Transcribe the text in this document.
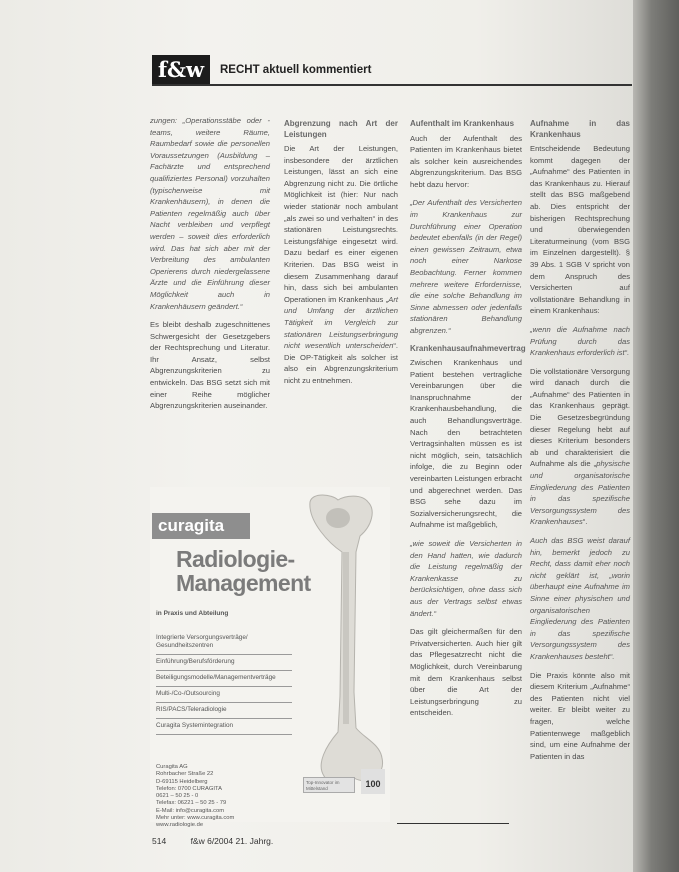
f&w	RECHT aktuell kommentiert

zungen: „Operationsstäbe oder -teams, weitere Räume, Raumbedarf sowie die personellen Voraussetzungen (Ausbildung – Fachärzte und entsprechend qualifiziertes Personal) vorzuhalten (typischerweise mit Krankenhäusern), in denen die Patienten regelmäßig auch über Nacht verbleiben und verpflegt werden – soweit dies erforderlich wird. Das hat sich aber mit der Verbreitung des ambulanten Operierens durch niedergelassene Ärzte und die Einführung dieser Möglichkeit auch in Krankenhäusern geändert.“

Es bleibt deshalb zugeschnittenes Schwergesicht der Gesetzgebers der Rechtsprechung und Literatur. Ihr Ansatz, selbst Abgrenzungskriterien zu entwickeln. Das BSG setzt sich mit einer Reihe möglicher Abgrenzungskriterien auseinander.

Abgrenzung nach Art der Leistungen

Die Art der Leistungen, insbesondere der ärztlichen Leistungen, lässt an sich eine Abgrenzung nicht zu. Die örtliche Möglichkeit ist (hier: Nur nach wieder stationär noch ambulant „als zwei so und verhalten“ in des stationären Leistungsrechts. Leistungsfähige eingesetzt wird. Dazu bedarf es einer eigenen Kriterien. Das BSG weist in diesem Zusammenhang darauf hin, dass sich bei ambulanten Operationen im Krankenhaus „Art und Umfang der ärztlichen Tätigkeit im Vergleich zur stationären Leistungserbringung nicht wesentlich unterscheiden“. Die OP-Tätigkeit als solcher ist also ein Abgrenzungskriterium nicht zu entnehmen.

Aufenthalt im Krankenhaus

Auch der Aufenthalt des Patienten im Krankenhaus bietet als solcher kein ausreichendes Abgrenzungskriterium. Das BSG hebt dazu hervor:

„Der Aufenthalt des Versicherten im Krankenhaus zur Durchführung einer Operation bedeutet ebenfalls (in der Regel) einen gewissen Zeitraum, etwa noch einer Narkose Beobachtung. Ferner kommen mehrere weitere Erfordernisse, die eine solche Behandlung im Sinne abmessen oder jedenfalls stationären Behandlung abgrenzen.“

Krankenhausaufnahmevertrag

Zwischen Krankenhaus und Patient bestehen vertragliche Vereinbarungen über die Inanspruchnahme der Krankenhausbehandlung, die auch Behandlungsverträge. Nach den betrachteten Vertragsinhalten müssen es ist nicht möglich, sein, tatsächlich infolge, die zu Beginn oder vereinbarten Leistungen erbracht und abgerechnet werden. Das BSG sehe dazu im Sozialversicherungsrecht, die Aufnahme ist maßgeblich,

„wie soweit die Versicherten in den Hand hatten, wie dadurch die Leistung regelmäßig der Krankenkasse zu berücksichtigen, ohne dass sich aus der Vertrags selbst etwas ändert.“

Das gilt gleichermaßen für den Privatversicherten. Auch hier gilt das Pflegesatzrecht nicht die Möglichkeit, durch Vereinbarung mit dem Krankenhaus selbst über die Art der Leistungserbringung zu entscheiden.

Aufnahme in das Krankenhaus

Entscheidende Bedeutung kommt dagegen der „Aufnahme“ des Patienten in das Krankenhaus zu. Hierauf stellt das BSG maßgebend ab. Dies entspricht der bisherigen Rechtsprechung und überwiegenden Literaturmeinung (vom BSG im Einzelnen dargestellt). § 39 Abs. 1 SGB V spricht von dem Anspruch des Versicherten auf vollstationäre Behandlung in einem Krankenhaus:

„wenn die Aufnahme nach Prüfung durch das Krankenhaus erforderlich ist“.

Die vollstationäre Versorgung wird danach durch die „Aufnahme“ des Patienten in das Krankenhaus geprägt. Die Gesetzesbegründung dieser Regelung hebt auf dieses Kriterium besonders ab und charakterisiert die Aufnahme als die „physische und organisatorische Eingliederung des Patienten in das spezifische Versorgungssystem des Krankenhauses“.

Auch das BSG weist darauf hin, bemerkt jedoch zu Recht, dass damit eher noch nicht geklärt ist, „worin überhaupt eine Aufnahme im Sinne einer physischen und organisatorischen Eingliederung des Patienten in das spezifische Versorgungssystem des Krankenhauses besteht“.

Die Praxis könnte also mit diesem Kriterium „Aufnahme“ des Patienten nicht viel weiter. Er bleibt weiter zu fragen, welche Patientenwege maßgeblich sind, um eine Aufnahme der Patienten in das

curagita
Radiologie-
Management
in Praxis und Abteilung
Integrierte Versorgungsverträge/ Gesundheitszentren
Einführung/Berufsförderung
Beteiligungsmodelle/Managementverträge
Multi-/Co-/Outsourcing
RIS/PACS/Teleradiologie
Curagita Systemintegration
Curagita AG
Rohrbacher Straße 22
D-69115 Heidelberg
Telefon: 0700 CURAGITA
0621 – 50 25 - 0
Telefax: 06221 – 50 25 - 79
E-Mail: info@curagita.com
Mehr unter: www.curagita.com
www.radiologie.de
Top-Innovator im Mittelstand	100
514	f&w 6/2004 21. Jahrg.
